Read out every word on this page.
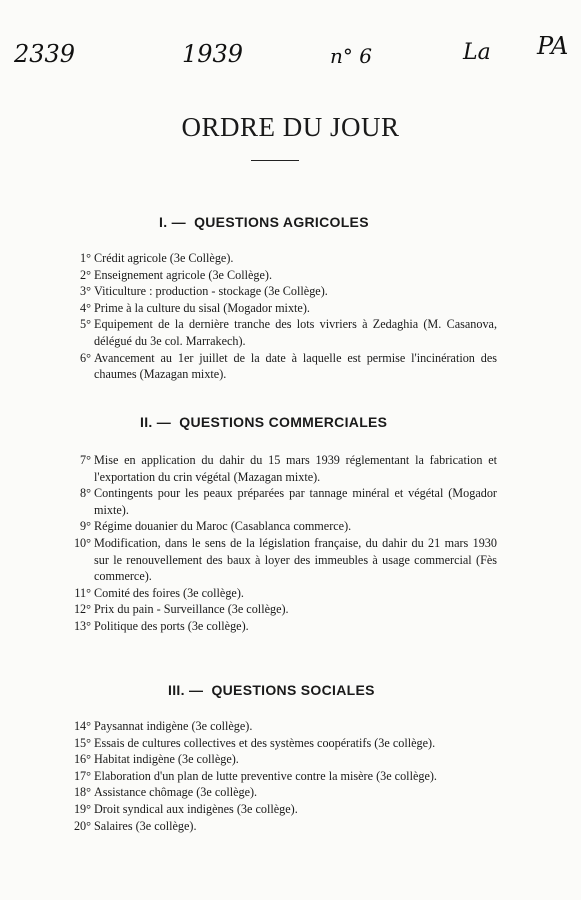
2339	1939	n° 6	La PA
ORDRE DU JOUR
I. — QUESTIONS AGRICOLES
1° Crédit agricole (3e Collège).
2° Enseignement agricole (3e Collège).
3° Viticulture : production - stockage (3e Collège).
4° Prime à la culture du sisal (Mogador mixte).
5° Equipement de la dernière tranche des lots vivriers à Zedaghia (M. Casanova, délégué du 3e col. Marrakech).
6° Avancement au 1er juillet de la date à laquelle est permise l'incinération des chaumes (Mazagan mixte).
II. — QUESTIONS COMMERCIALES
7° Mise en application du dahir du 15 mars 1939 réglementant la fabrication et l'exportation du crin végétal (Mazagan mixte).
8° Contingents pour les peaux préparées par tannage minéral et végétal (Mogador mixte).
9° Régime douanier du Maroc (Casablanca commerce).
10° Modification, dans le sens de la législation française, du dahir du 21 mars 1930 sur le renouvellement des baux à loyer des immeubles à usage commercial (Fès commerce).
11° Comité des foires (3e collège).
12° Prix du pain - Surveillance (3e collège).
13° Politique des ports (3e collège).
III. — QUESTIONS SOCIALES
14° Paysannat indigène (3e collège).
15° Essais de cultures collectives et des systèmes coopératifs (3e collège).
16° Habitat indigène (3e collège).
17° Elaboration d'un plan de lutte preventive contre la misère (3e collège).
18° Assistance chômage (3e collège).
19° Droit syndical aux indigènes (3e collège).
20° Salaires (3e collège).
